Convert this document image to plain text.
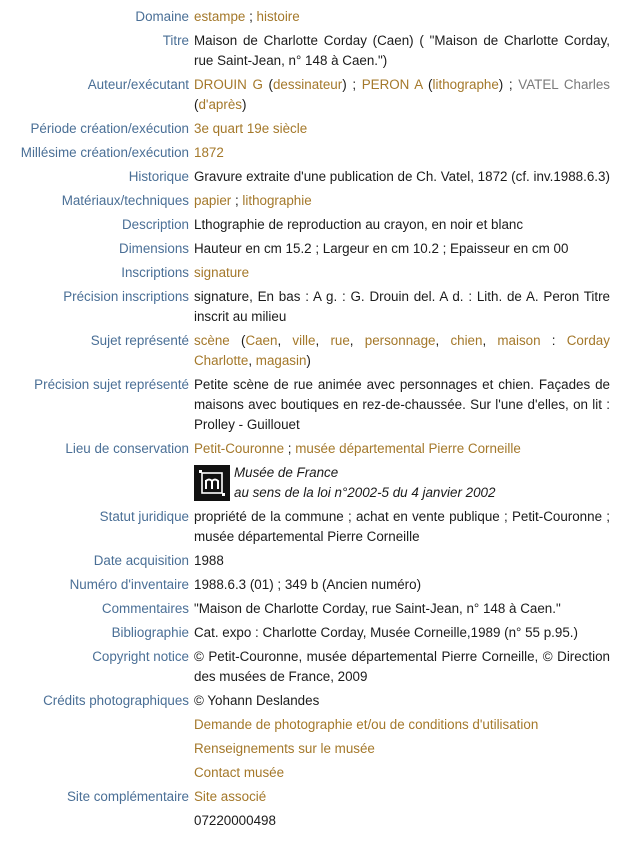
Domaine estampe ; histoire
Titre Maison de Charlotte Corday (Caen) ( "Maison de Charlotte Corday, rue Saint-Jean, n° 148 à Caen.")
Auteur/exécutant DROUIN G (dessinateur) ; PERON A (lithographe) ; VATEL Charles (d'après)
Période création/exécution 3e quart 19e siècle
Millésime création/exécution 1872
Historique Gravure extraite d'une publication de Ch. Vatel, 1872 (cf. inv.1988.6.3)
Matériaux/techniques papier ; lithographie
Description Lthographie de reproduction au crayon, en noir et blanc
Dimensions Hauteur en cm 15.2 ; Largeur en cm 10.2 ; Epaisseur en cm 00
Inscriptions signature
Précision inscriptions signature, En bas : A g. : G. Drouin del. A d. : Lith. de A. Peron Titre inscrit au milieu
Sujet représenté scène (Caen, ville, rue, personnage, chien, maison : Corday Charlotte, magasin)
Précision sujet représenté Petite scène de rue animée avec personnages et chien. Façades de maisons avec boutiques en rez-de-chaussée. Sur l'une d'elles, on lit : Prolley - Guillouet
Lieu de conservation Petit-Couronne ; musée départemental Pierre Corneille
Musée de France
au sens de la loi n°2002-5 du 4 janvier 2002
Statut juridique propriété de la commune ; achat en vente publique ; Petit-Couronne ; musée départemental Pierre Corneille
Date acquisition 1988
Numéro d'inventaire 1988.6.3 (01) ; 349 b (Ancien numéro)
Commentaires "Maison de Charlotte Corday, rue Saint-Jean, n° 148 à Caen."
Bibliographie Cat. expo : Charlotte Corday, Musée Corneille,1989 (n° 55 p.95.)
Copyright notice © Petit-Couronne, musée départemental Pierre Corneille, © Direction des musées de France, 2009
Crédits photographiques © Yohann Deslandes
Demande de photographie et/ou de conditions d'utilisation
Renseignements sur le musée
Contact musée
Site complémentaire Site associé
07220000498
